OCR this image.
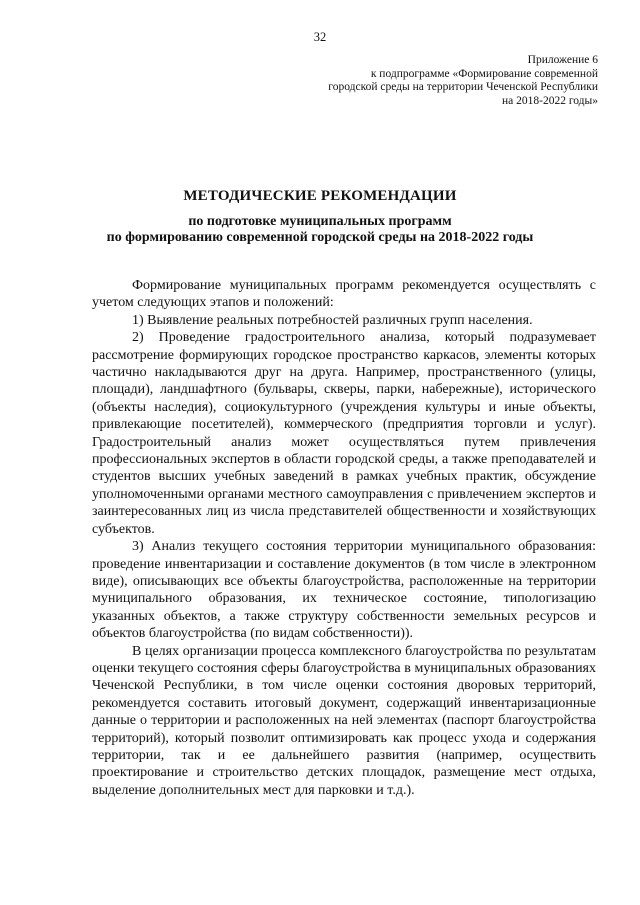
32
Приложение 6
к подпрограмме «Формирование современной
городской среды на территории Чеченской Республики
на 2018-2022 годы»
МЕТОДИЧЕСКИЕ РЕКОМЕНДАЦИИ
по подготовке муниципальных программ
по формированию современной городской среды на 2018-2022 годы

Формирование муниципальных программ рекомендуется осуществлять с учетом следующих этапов и положений:

1) Выявление реальных потребностей различных групп населения.

2) Проведение градостроительного анализа, который подразумевает рассмотрение формирующих городское пространство каркасов, элементы которых частично накладываются друг на друга. Например, пространственного (улицы, площади), ландшафтного (бульвары, скверы, парки, набережные), исторического (объекты наследия), социокультурного (учреждения культуры и иные объекты, привлекающие посетителей), коммерческого (предприятия торговли и услуг). Градостроительный анализ может осуществляться путем привлечения профессиональных экспертов в области городской среды, а также преподавателей и студентов высших учебных заведений в рамках учебных практик, обсуждение уполномоченными органами местного самоуправления с привлечением экспертов и заинтересованных лиц из числа представителей общественности и хозяйствующих субъектов.

3) Анализ текущего состояния территории муниципального образования: проведение инвентаризации и составление документов (в том числе в электронном виде), описывающих все объекты благоустройства, расположенные на территории муниципального образования, их техническое состояние, типологизацию указанных объектов, а также структуру собственности земельных ресурсов и объектов благоустройства (по видам собственности)).

В целях организации процесса комплексного благоустройства по результатам оценки текущего состояния сферы благоустройства в муниципальных образованиях Чеченской Республики, в том числе оценки состояния дворовых территорий, рекомендуется составить итоговый документ, содержащий инвентаризационные данные о территории и расположенных на ней элементах (паспорт благоустройства территорий), который позволит оптимизировать как процесс ухода и содержания территории, так и ее дальнейшего развития (например, осуществить проектирование и строительство детских площадок, размещение мест отдыха, выделение дополнительных мест для парковки и т.д.).
